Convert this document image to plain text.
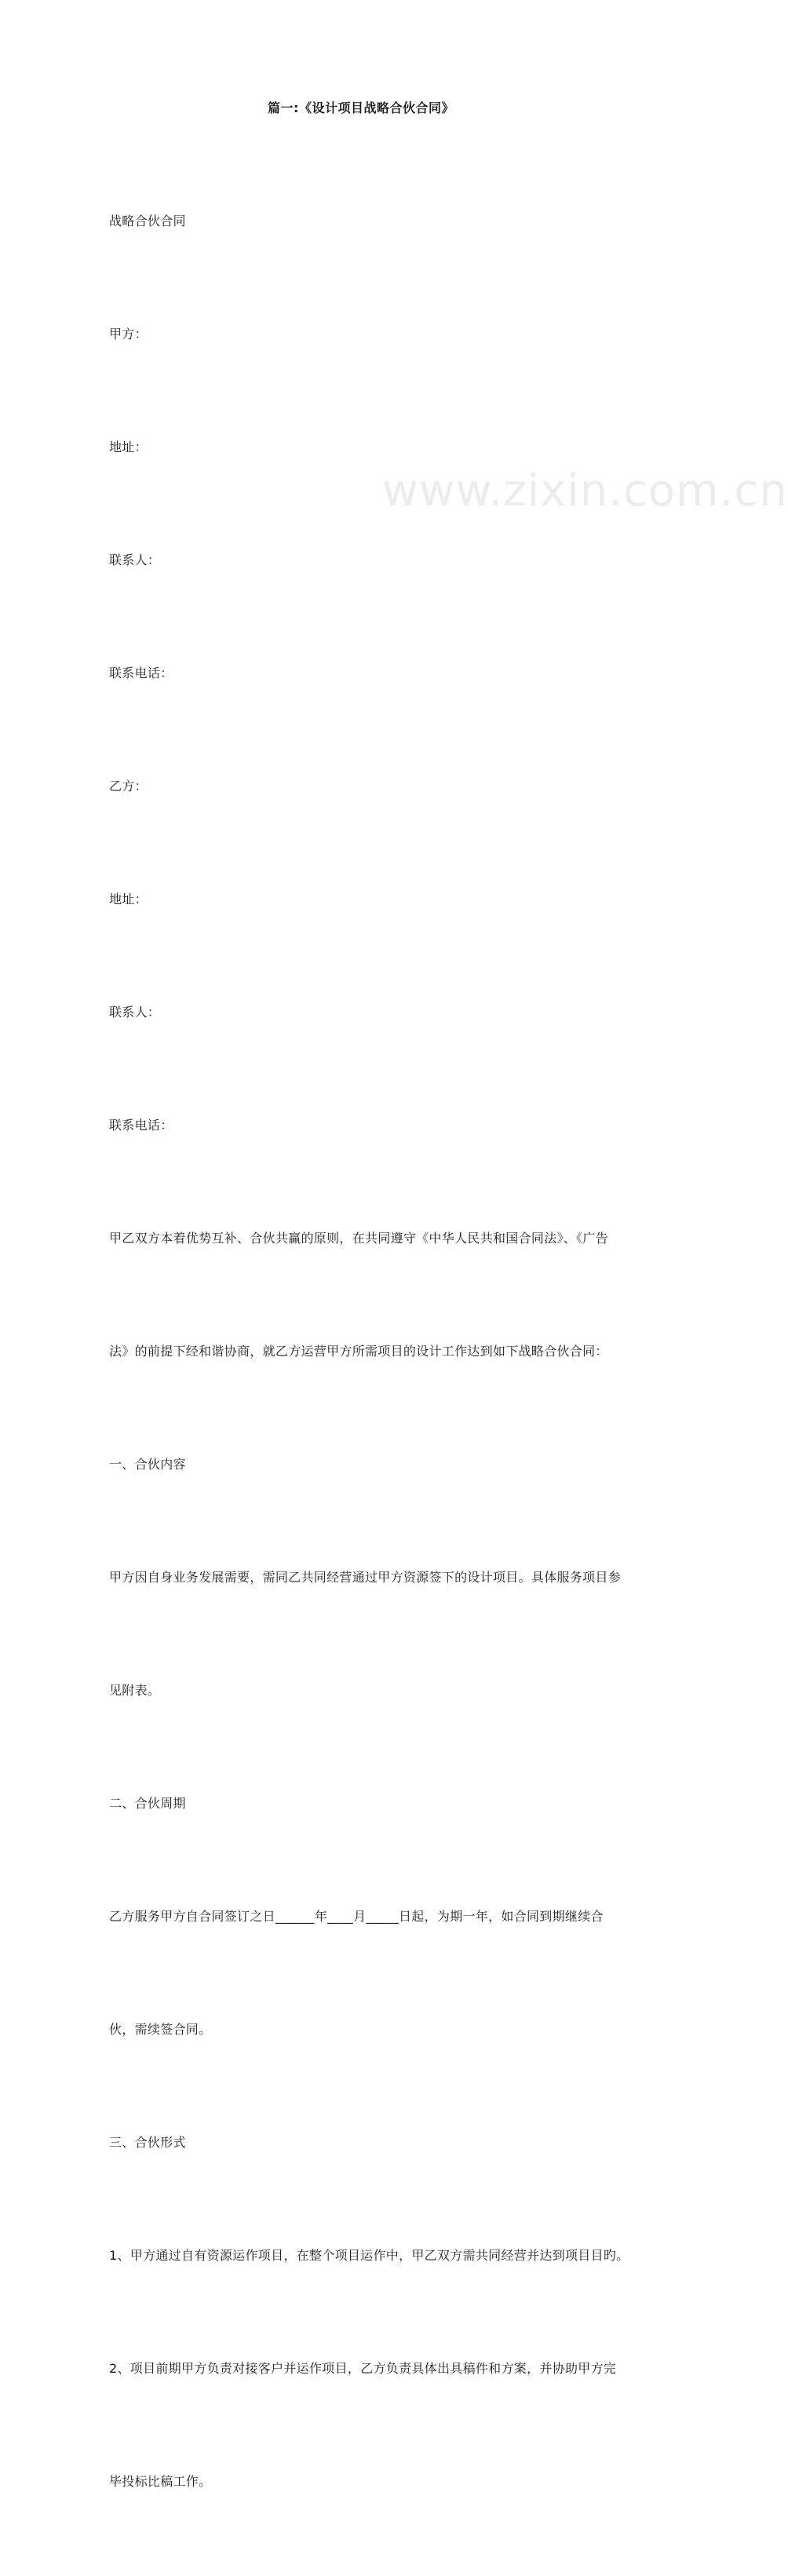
篇一:《设计项目战略合伙合同》
www.zixin.com.cn

战略合伙合同

甲方：

地址：

联系人：

联系电话：

乙方：

地址：

联系人：

联系电话：

甲乙双方本着优势互补、合伙共赢的原则，在共同遵守《中华人民共和国合同法》、《广告

法》的前提下经和谐协商，就乙方运营甲方所需项目的设计工作达到如下战略合伙合同：

一、合伙内容

甲方因自身业务发展需要，需同乙共同经营通过甲方资源签下的设计项目。具体服务项目参

见附表。

二、合伙周期

乙方服务甲方自合同签订之日______年____月_____日起，为期一年，如合同到期继续合

伙，需续签合同。

三、合伙形式

1、甲方通过自有资源运作项目，在整个项目运作中，甲乙双方需共同经营并达到项目目旳。

2、项目前期甲方负责对接客户并运作项目，乙方负责具体出具稿件和方案，并协助甲方完

毕投标比稿工作。
